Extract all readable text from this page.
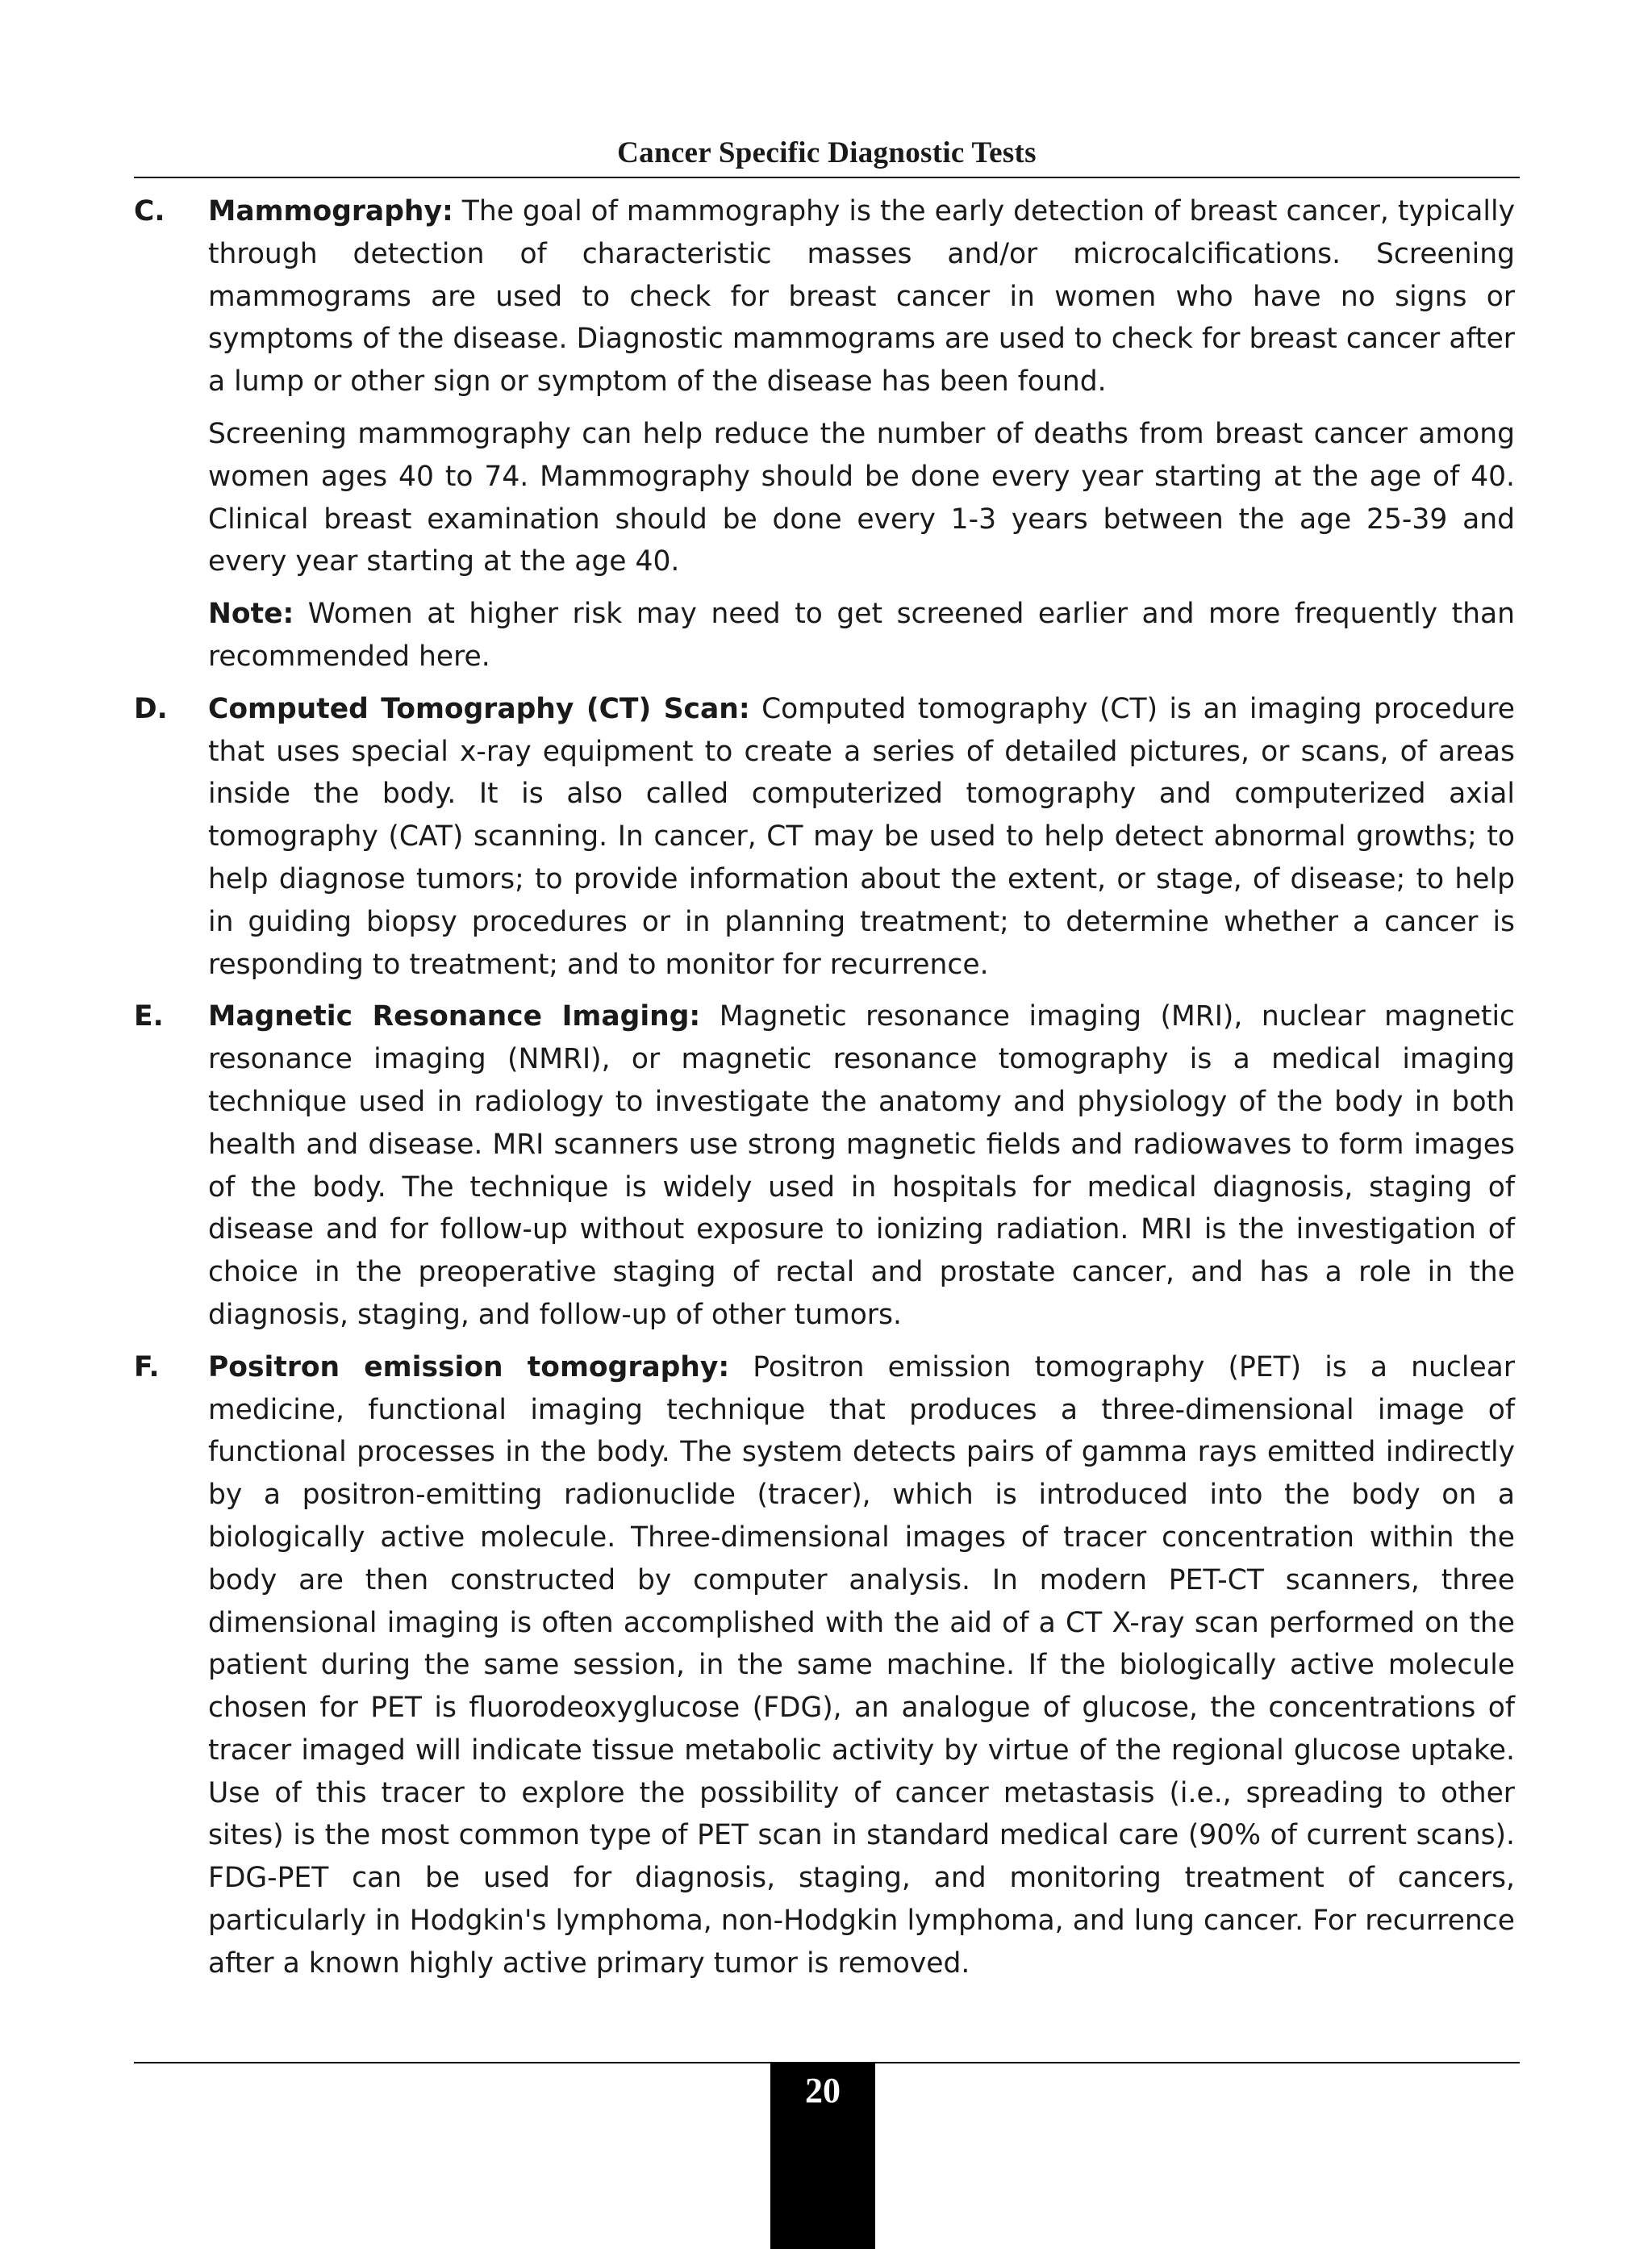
Cancer Specific Diagnostic Tests
C. Mammography: The goal of mammography is the early detection of breast cancer, typically through detection of characteristic masses and/or microcalcifications. Screening mammograms are used to check for breast cancer in women who have no signs or symptoms of the disease. Diagnostic mammograms are used to check for breast cancer after a lump or other sign or symptom of the disease has been found.

Screening mammography can help reduce the number of deaths from breast cancer among women ages 40 to 74. Mammography should be done every year starting at the age of 40. Clinical breast examination should be done every 1-3 years between the age 25-39 and every year starting at the age 40.

Note: Women at higher risk may need to get screened earlier and more frequently than recommended here.

D. Computed Tomography (CT) Scan: Computed tomography (CT) is an imaging procedure that uses special x-ray equipment to create a series of detailed pictures, or scans, of areas inside the body. It is also called computerized tomography and computerized axial tomography (CAT) scanning. In cancer, CT may be used to help detect abnormal growths; to help diagnose tumors; to provide information about the extent, or stage, of disease; to help in guiding biopsy procedures or in planning treatment; to determine whether a cancer is responding to treatment; and to monitor for recurrence.

E. Magnetic Resonance Imaging: Magnetic resonance imaging (MRI), nuclear magnetic resonance imaging (NMRI), or magnetic resonance tomography is a medical imaging technique used in radiology to investigate the anatomy and physiology of the body in both health and disease. MRI scanners use strong magnetic fields and radiowaves to form images of the body. The technique is widely used in hospitals for medical diagnosis, staging of disease and for follow-up without exposure to ionizing radiation. MRI is the investigation of choice in the preoperative staging of rectal and prostate cancer, and has a role in the diagnosis, staging, and follow-up of other tumors.

F. Positron emission tomography: Positron emission tomography (PET) is a nuclear medicine, functional imaging technique that produces a three-dimensional image of functional processes in the body. The system detects pairs of gamma rays emitted indirectly by a positron-emitting radionuclide (tracer), which is introduced into the body on a biologically active molecule. Three-dimensional images of tracer concentration within the body are then constructed by computer analysis. In modern PET-CT scanners, three dimensional imaging is often accomplished with the aid of a CT X-ray scan performed on the patient during the same session, in the same machine. If the biologically active molecule chosen for PET is fluorodeoxyglucose (FDG), an analogue of glucose, the concentrations of tracer imaged will indicate tissue metabolic activity by virtue of the regional glucose uptake. Use of this tracer to explore the possibility of cancer metastasis (i.e., spreading to other sites) is the most common type of PET scan in standard medical care (90% of current scans). FDG-PET can be used for diagnosis, staging, and monitoring treatment of cancers, particularly in Hodgkin's lymphoma, non-Hodgkin lymphoma, and lung cancer. For recurrence after a known highly active primary tumor is removed.

20
